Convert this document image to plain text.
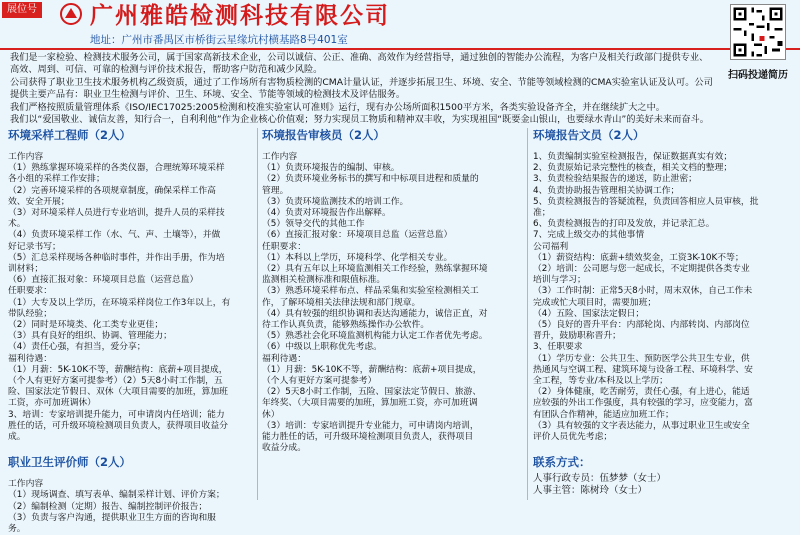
展位号 广州雅皓检测科技有限公司
地址：广州市番禺区市桥街云星缘坑村横基路8号401室
扫码投递简历

我们是一家检验、检测技术服务公司，属于国家高新技术企业，公司以诚信、公正、准确、高效作为经营指导，通过独创的智能办公流程，为客户及相关行政部门提供专业、高效、周到、可信、可靠的检测与评价技术报告，帮助客户防范和减少风险。

公司获得了职业卫生技术服务机构乙级资质，通过了工作场所有害物质检测的CMA计量认证，并逐步拓展卫生、环境、安全、节能等领域检测的CMA实验室认证及认可。公司提供主要产品有：职业卫生检测与评价、卫生、环境、安全、节能等领域的检测技术及评估服务。

我们严格按照质量管理体系《ISO/IEC17025:2005检测和校准实验室认可准则》运行，现有办公场所面积1500平方米，各类实验设备齐全，并在继续扩大之中。

我们以“爱国敬业、诚信友善，知行合一，自利利他”作为企业核心价值观；努力实现员工物质和精神双丰收，为实现祖国“既要金山银山，也要绿水青山”的美好未来而奋斗。

环境采样工程师（2人）
工作内容
（1）熟练掌握环境采样的各类仪器，合理统筹环境采样
各小组的采样工作安排；
（2）完善环境采样的各项规章制度，确保采样工作高
效、安全开展；
（3）对环境采样人员进行专业培训，提升人员的采样技
术。
（4）负责环境采样工作（水、气、声、土壤等），并做
好记录书写；
（5）汇总采样现场各种临时事件，并作出手册，作为培
训材料；
（6）直接汇报对象：环境项目总监（运营总监）
任职要求：
（1）大专及以上学历，在环境采样岗位工作3年以上，有
带队经验；
（2）同时是环境类、化工类专业更佳；
（3）具有良好的组织、协调、管理能力；
（4）责任心强，有担当，爱分享；
福利待遇：
（1）月薪：5K-10K不等，薪酬结构：底薪+项目提成，
（个人有更好方案可提参考）（2）5天8小时工作制，五
险、国家法定节假日、双休（大项目需要的加班，算加班
工资，亦可加班调休）
3、培训：专家培训提升能力，可申请岗内任培训；能力
胜任的话，可升级环境检测项目负责人，获得项目收益分
成。
职业卫生评价师（2人）
工作内容
（1）现场调查、填写表单、编制采样计划、评价方案；
（2）编制检测（定期）报告、编制控制评价报告；
（3）负责与客户沟通，提供职业卫生方面的咨询和服
务。
环境报告审核员（2人）
工作内容
（1）负责环境报告的编制、审核。
（2）负责环境业务标书的撰写和中标项目进程和质量的
管理。
（3）负责环境监测技术的培训工作。
（4）负责对环境报告作出解释。
（5）领导交代的其他工作
（6）直接汇报对象：环境项目总监（运营总监）
任职要求：
（1）本科以上学历，环境科学、化学相关专业。
（2）具有五年以上环境监测相关工作经验，熟练掌握环境
监测相关检测标准和限值标准。
（3）熟悉环境采样布点、样品采集和实验室检测相关工
作，了解环境相关法律法规和部门规章。
（4）具有较强的组织协调和表达沟通能力，诚信正直，对
待工作认真负责，能够熟练操作办公软件。
（5）熟悉社会化环境监测机构能力认定工作者优先考虑。
（6）中级以上职称优先考虑。
福利待遇：
（1）月薪：5K-10K不等，薪酬结构：底薪+项目提成，
（个人有更好方案可提参考）
（2）5天8小时工作制，五险、国家法定节假日、旅游、
年终奖、（大项目需要的加班，算加班工资，亦可加班调
休）
（3）培训：专家培训提升专业能力，可申请岗内培训，
能力胜任的话，可升级环境检测项目负责人，获得项目
收益分成。
环境报告文员（2人）
1、负责编制实验室检测报告，保证数据真实有效；
2、负责原始记录完整性的核查，相关文档的整理；
3、负责检验结果报告的递送，防止泄密；
4、负责协助报告管理相关协调工作；
5、负责检测报告的答疑流程，负责回答相应人员审核，批
准；
6、负责检测报告的打印及发放，并记录汇总。
7、完成上级交办的其他事情
公司福利
（1）薪资结构：底薪+绩效奖金，工资3K-10K不等；
（2）培训：公司愿与您一起成长，不定期提供各类专业
培训与学习；
（3）工作时制：正常5天8小时，周末双休，自己工作未
完成或忙大项目时，需要加班；
（4）五险、国家法定假日；
（5）良好的晋升平台：内部轮岗、内部转岗、内部岗位
晋升，鼓励职称晋升；
3、任职要求
（1）学历专业：公共卫生、预防医学公共卫生专业，供
热通风与空调工程、建筑环境与设备工程、环境科学、安
全工程，等专业/本科及以上学历；
（2）身体健康，吃苦耐劳，责任心强，有上进心，能适
应较强的外出工作强度，具有较强的学习，应变能力，富
有团队合作精神，能适应加班工作；
（3）具有较强的文字表达能力，从事过职业卫生或安全
评价人员优先考虑；
联系方式：
人事行政专员：伍梦梦（女士）
人事主管：陈树玲（女士）
